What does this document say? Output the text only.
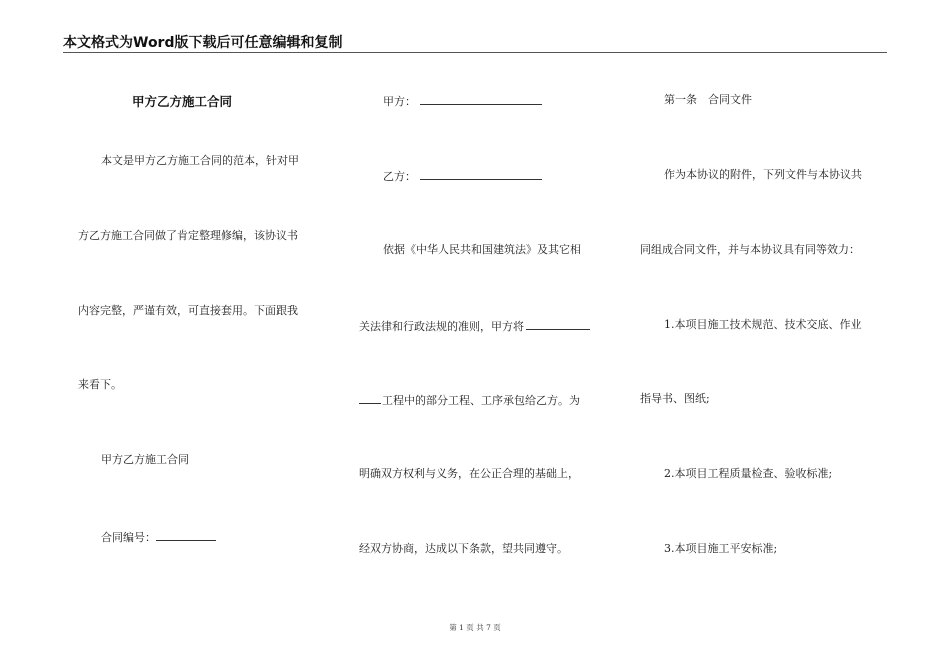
本文格式为Word版下载后可任意编辑和复制
甲方乙方施工合同
本文是甲方乙方施工合同的范本，针对甲
方乙方施工合同做了肯定整理修编，该协议书
内容完整，严谨有效，可直接套用。下面跟我
来看下。
甲方乙方施工合同
合同编号：
甲方：
乙方：
依据《中华人民共和国建筑法》及其它相
关法律和行政法规的准则，甲方将
工程中的部分工程、工序承包给乙方。为
明确双方权利与义务，在公正合理的基础上，
经双方协商，达成以下条款，望共同遵守。
第一条　合同文件
作为本协议的附件，下列文件与本协议共
同组成合同文件，并与本协议具有同等效力：
1.本项目施工技术规范、技术交底、作业
指导书、图纸;
2.本项目工程质量检查、验收标准;
3.本项目施工平安标准;
第 1 页 共 7 页
